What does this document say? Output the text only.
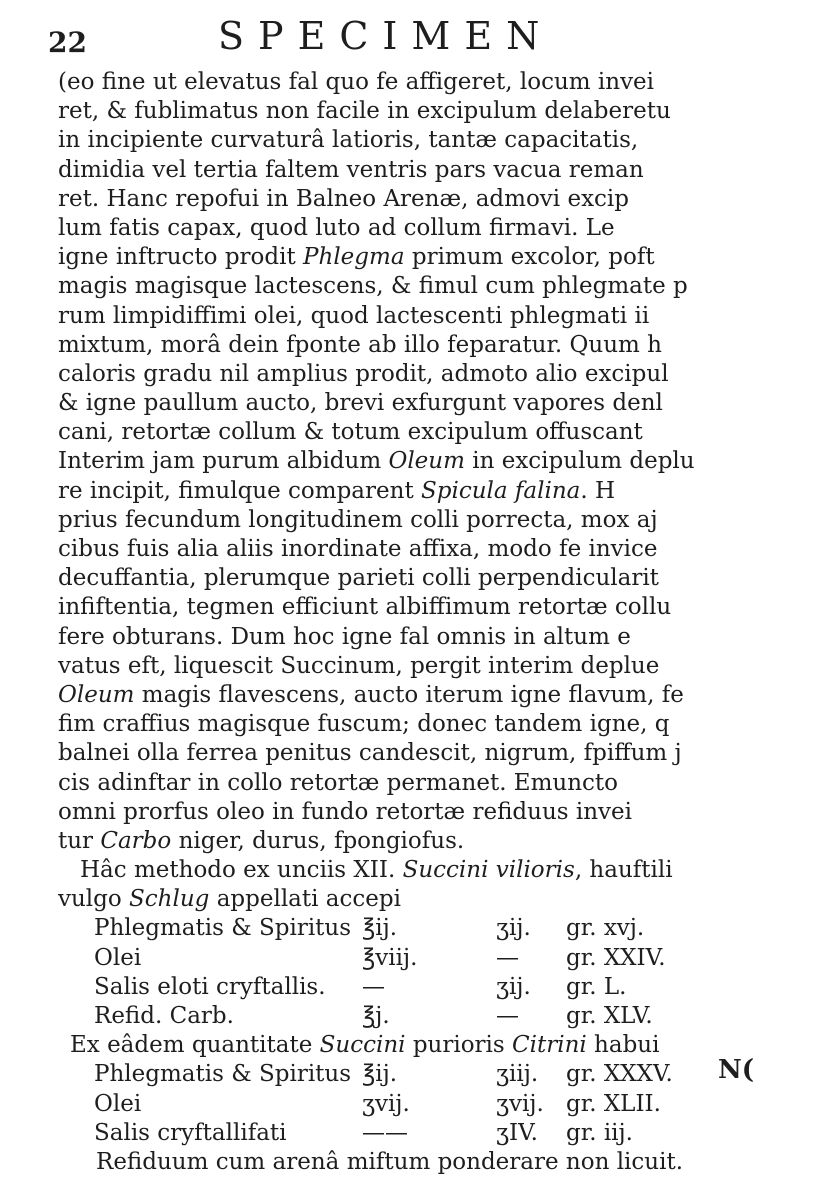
22	SPECIMEN
(eo fine ut elevatus fal quo fe affigeret, locum invei
ret, & fublimatus non facile in excipulum delaberetu
in incipiente curvaturâ latioris, tantæ capacitatis,
dimidia vel tertia faltem ventris pars vacua reman
ret. Hanc repofui in Balneo Arenæ, admovi excip
lum fatis capax, quod luto ad collum firmavi. Le
igne inftructo prodit Phlegma primum excolor, poft
magis magisque lactescens, & fimul cum phlegmate p
rum limpidiffimi olei, quod lactescenti phlegmati ii
mixtum, morâ dein fponte ab illo feparatur. Quum h
caloris gradu nil amplius prodit, admoto alio excipul
& igne paullum aucto, brevi exfurgunt vapores denl
cani, retortæ collum & totum excipulum offuscant
Interim jam purum albidum Oleum in excipulum deplu
re incipit, fimulque comparent Spicula falina. H
prius fecundum longitudinem colli porrecta, mox aj
cibus fuis alia aliis inordinate affixa, modo fe invice
decuffantia, plerumque parieti colli perpendicularit
infiftentia, tegmen efficiunt albiffimum retortæ collu
fere obturans. Dum hoc igne fal omnis in altum e
vatus eft, liquescit Succinum, pergit interim deplue
Oleum magis flavescens, aucto iterum igne flavum, fe
fim craffius magisque fuscum; donec tandem igne, q
balnei olla ferrea penitus candescit, nigrum, fpiffum j
cis adinftar in collo retortæ permanet. Emuncto
omni prorfus oleo in fundo retortæ refiduus invei
tur Carbo niger, durus, fpongiofus.
Hâc methodo ex unciis XII. Succini vilioris, hauftili
vulgo Schlug appellati accepi
Phlegmatis & Spiritus ℥ij.	ʒij. gr. xvj.
Olei	℥viij.	— gr. XXIV.
Salis eloti cryftallis. —	ʒij. gr. L.
Refid. Carb.	℥j.	— gr. XLV.
Ex eâdem quantitate Succini purioris Citrini habui
Phlegmatis & Spiritus ℥ij.	ʒiij. gr. XXXV.
Olei	ʒvij.	ʒvij. gr. XLII.
Salis cryftallifati	——	ʒIV. gr. iij.
Refiduum cum arenâ miftum ponderare non licuit.
N(
